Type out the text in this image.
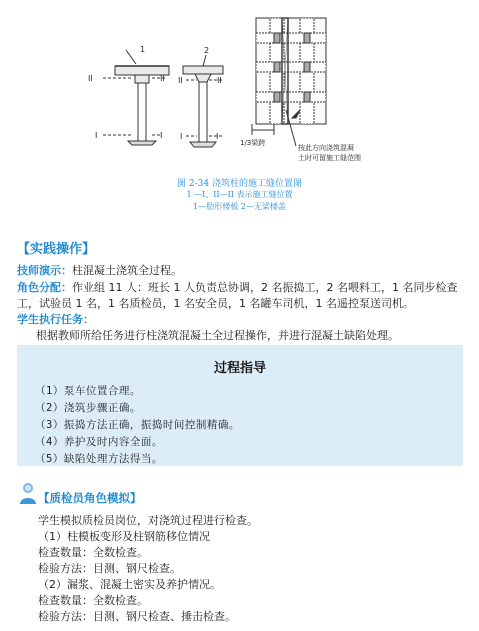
1	2
II	II
I	I
II	II
I	I
1/3梁跨
按此方向浇筑混凝
土时可留施工缝范围
图 2-34 浇筑柱的施工缝位置图
1 —I、II—II 表示施工缝位置
1—肋形楼板 2—无梁楼盖
【实践操作】
技师演示：柱混凝土浇筑全过程。
角色分配：作业组 11 人：班长 1 人负责总协调，2 名振捣工，2 名喂料工，1 名同步检查
工，试验员 1 名，1 名质检员，1 名安全员，1 名罐车司机，1 名遥控泵送司机。
学生执行任务：
根据教师所给任务进行柱浇筑混凝土全过程操作，并进行混凝土缺陷处理。
过程指导
（1）泵车位置合理。
（2）浇筑步骤正确。
（3）振捣方法正确，振捣时间控制精确。
（4）养护及时内容全面。
（5）缺陷处理方法得当。
【质检员角色模拟】
学生模拟质检员岗位，对浇筑过程进行检查。
（1）柱模板变形及柱钢筋移位情况
检查数量：全数检查。
检验方法：目测、钢尺检查。
（2）漏浆、混凝土密实及养护情况。
检查数量：全数检查。
检验方法：目测、钢尺检查、捶击检查。
